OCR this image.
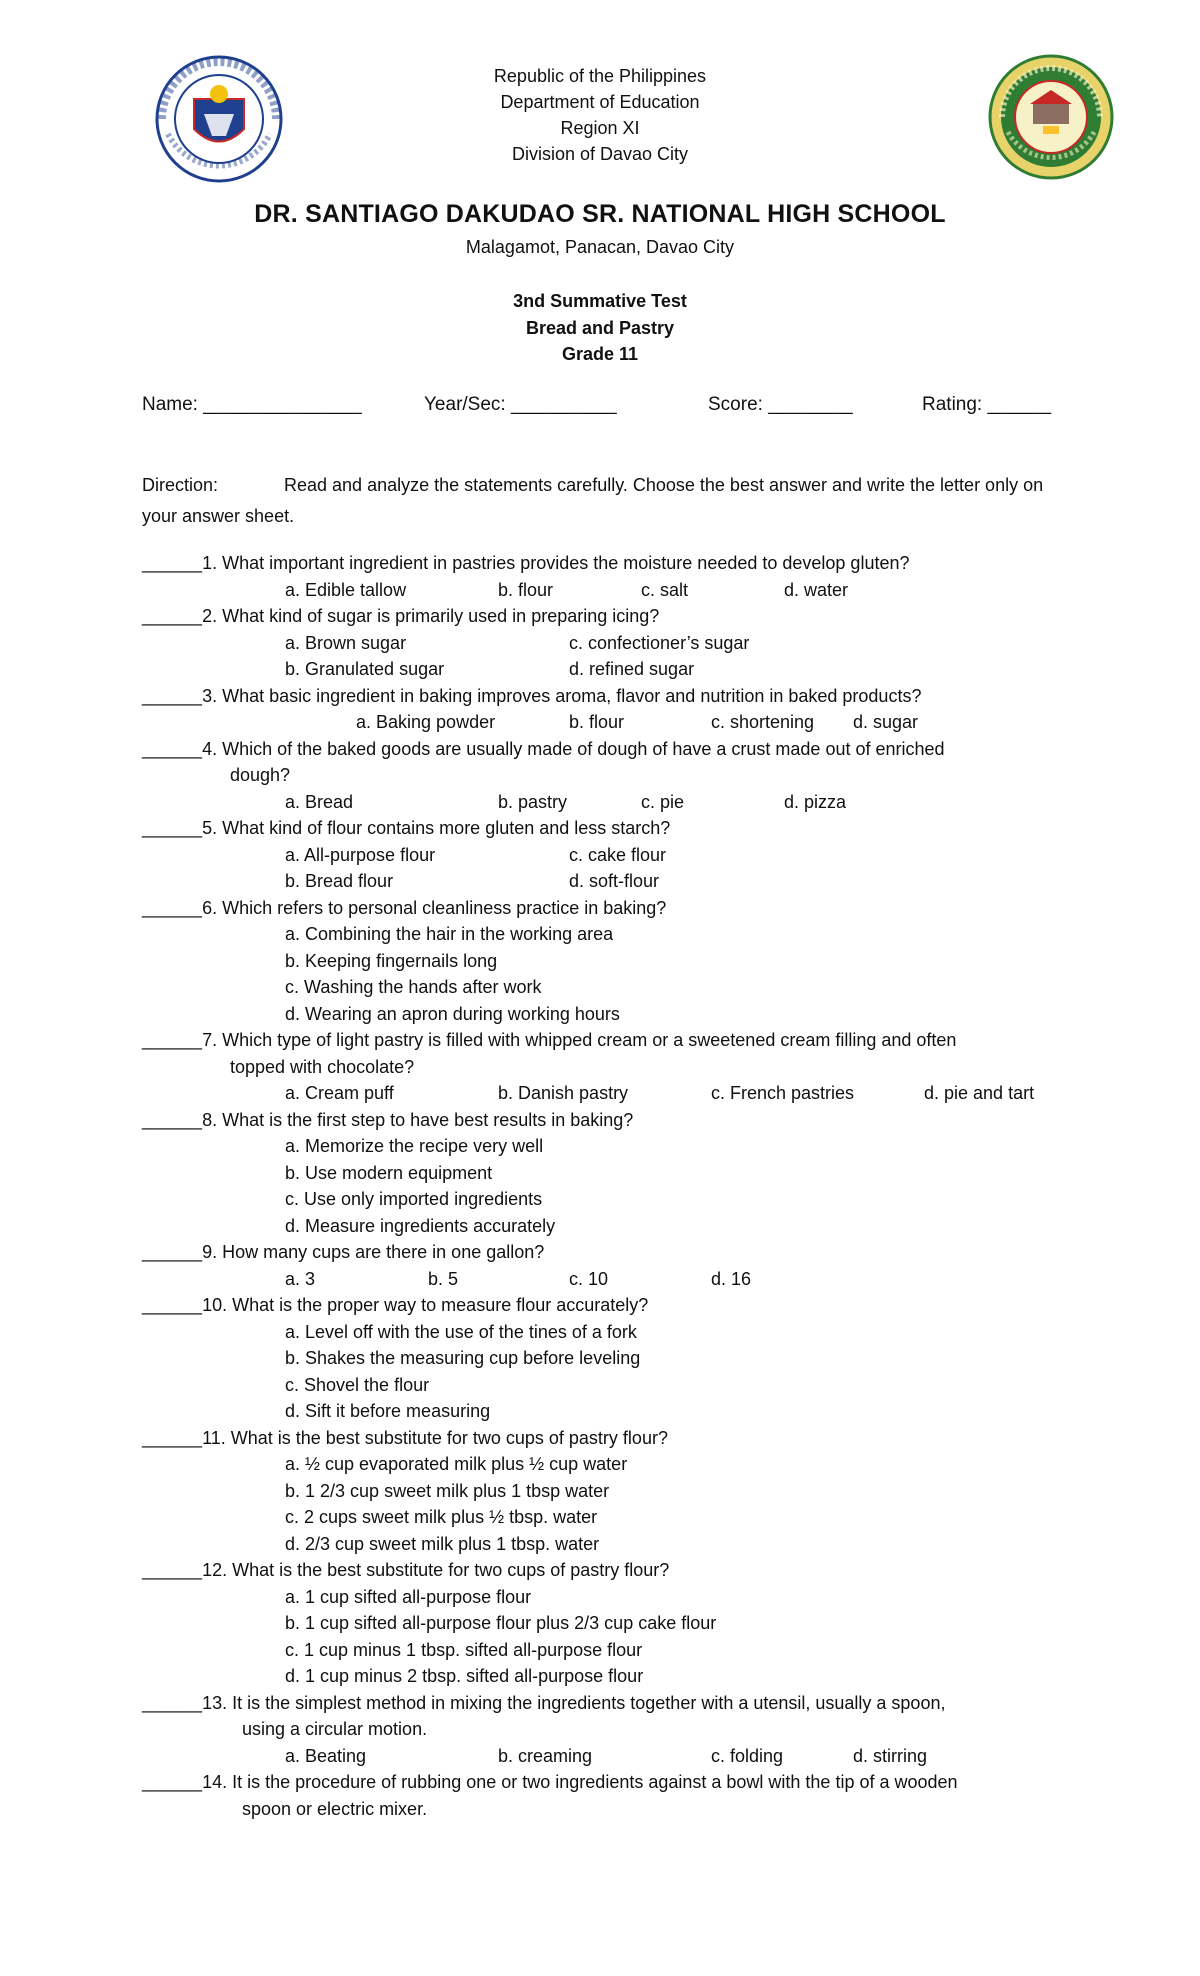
Republic of the Philippines
Department of Education
Region XI
Division of Davao City
DR. SANTIAGO DAKUDAO SR. NATIONAL HIGH SCHOOL
Malagamot, Panacan, Davao City
3nd Summative Test
Bread and Pastry
Grade 11
Name: _______________	Year/Sec: __________	Score: ________	Rating: ______
Direction:	Read and analyze the statements carefully. Choose the best answer and write the letter only on your answer sheet.
______1. What important ingredient in pastries provides the moisture needed to develop gluten?
a. Edible tallow	b. flour	c. salt	d. water
______2. What kind of sugar is primarily used in preparing icing?
a. Brown sugar	c. confectioner’s sugar
b. Granulated sugar	d. refined sugar
______3. What basic ingredient in baking improves aroma, flavor and nutrition in baked products?
a. Baking powder	b. flour	c. shortening d. sugar
______4. Which of the baked goods are usually made of dough of have a crust made out of enriched
dough?
a. Bread	b. pastry	c. pie	d. pizza
______5. What kind of flour contains more gluten and less starch?
a. All-purpose flour	c. cake flour
b. Bread flour	d. soft-flour
______6. Which refers to personal cleanliness practice in baking?
a. Combining the hair in the working area
b. Keeping fingernails long
c. Washing the hands after work
d. Wearing an apron during working hours
______7. Which type of light pastry is filled with whipped cream or a sweetened cream filling and often
topped with chocolate?
a. Cream puff	b. Danish pastry	c. French pastries	d. pie and tart
______8. What is the first step to have best results in baking?
a. Memorize the recipe very well
b. Use modern equipment
c. Use only imported ingredients
d. Measure ingredients accurately
______9. How many cups are there in one gallon?
a. 3	b. 5	c. 10	d. 16
______10. What is the proper way to measure flour accurately?
a. Level off with the use of the tines of a fork
b. Shakes the measuring cup before leveling
c. Shovel the flour
d. Sift it before measuring
______11. What is the best substitute for two cups of pastry flour?
a. ½ cup evaporated milk plus ½ cup water
b. 1 2/3 cup sweet milk plus 1 tbsp water
c. 2 cups sweet milk plus ½ tbsp. water
d. 2/3 cup sweet milk plus 1 tbsp. water
______12. What is the best substitute for two cups of pastry flour?
a. 1 cup sifted all-purpose flour
b. 1 cup sifted all-purpose flour plus 2/3 cup cake flour
c. 1 cup minus 1 tbsp. sifted all-purpose flour
d. 1 cup minus 2 tbsp. sifted all-purpose flour
______13. It is the simplest method in mixing the ingredients together with a utensil, usually a spoon,
using a circular motion.
a. Beating	b. creaming	c. folding	d. stirring
______14. It is the procedure of rubbing one or two ingredients against a bowl with the tip of a wooden
spoon or electric mixer.
